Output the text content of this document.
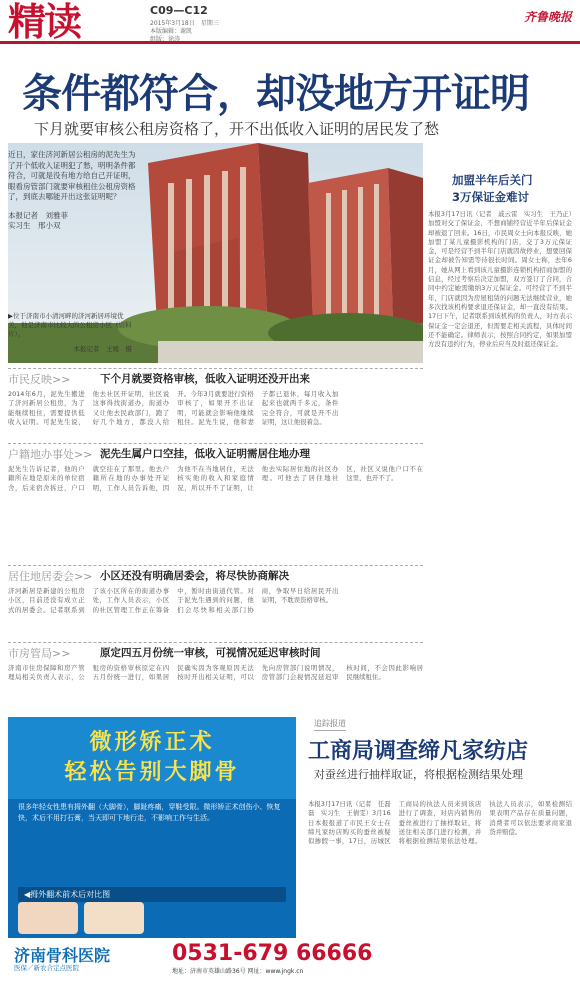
精读	C09—C12
2015年3月18日　星期三
本版编辑：谢凯
组版：徐涛
齐鲁晚报
条件都符合，却没地方开证明
下月就要审核公租房资格了，开不出低收入证明的居民发了愁

近日，家住济河新居公租房的泥先生为了开个低收入证明犯了愁，明明条件都符合，可就是没有地方给自己开证明，眼看房管部门就要审核租住公租房资格了，到底去哪能开出这张证明呢？

本报记者　刘雅菲
实习生　邢小双
▶位于济南市小清河畔的济河新居环境优美，他是济南市比较大的公租房小区（资料片）。
本报记者　王媛　摄
加盟半年后关门
3万保证金难讨
本报3月17日讯（记者　戚云雷　实习生　王乃正）加盟对交了保证金，不想商铺经营近半年后保证金却被退了回来。16日，市民周女士向本报反映，她加盟了某儿童摄影机构的门店，交了3万元保证金，可是经营不到半年门店就因故停业，想要回保证金却被告知需等待很长时间。周女士称，去年6月，她从网上看到该儿童摄影连锁机构招商加盟的信息，经过考察后决定加盟，双方签订了合同，合同中约定她需缴纳3万元保证金。可经营了不到半年，门店就因为房屋租赁的问题无法继续营业，她多次找该机构要求退还保证金，却一直没有结果。17日下午，记者联系到该机构的负责人，对方表示保证金一定会退还，但需要走相关流程，具体时间还不能确定。律师表示，按照合同约定，如果加盟方没有违约行为，停业后应当及时退还保证金。
市民反映>>	下个月就要资格审核，低收入证明还没开出来
2014年6月，泥先生搬进了济河新居公租房，为了能继续租住，需要提供低收入证明。可泥先生说，他去社区开证明，社区说这事得找街道办，街道办又让他去民政部门，跑了好几个地方，都没人给开。今年3月就要进行资格审核了，如果开不出证明，可能就会影响他继续租住。泥先生说，他和妻子都已退休，每月收入加起来也就两千多元，条件完全符合，可就是开不出证明，这让他很着急。
户籍地办事处>> 泥先生属户口空挂，低收入证明需居住地办理
泥先生告诉记者，他的户籍所在地是原来的单位宿舍，后来宿舍拆迁，户口就空挂在了那里。他去户籍所在地的办事处开证明，工作人员告诉他，因为他不在当地居住，无法核实他的收入和家庭情况，所以开不了证明，让他去实际居住地的社区办理。可他去了居住地社区，社区又说他户口不在这里，也开不了。
居住地居委会>> 小区还没有明确居委会，将尽快协商解决
济河新居是新建的公租房小区，目前还没有成立正式的居委会。记者联系到了该小区所在的街道办事处，工作人员表示，小区的社区管理工作正在筹备中，暂时由街道代管。对于泥先生遇到的问题，他们会尽快和相关部门协商，争取早日给居民开出证明，不耽误资格审核。
市房管局>>	原定四五月份统一审核，可视情况延迟审核时间
济南市住房保障和房产管理局相关负责人表示，公租房的资格审核原定在四五月份统一进行，如果居民确实因为客观原因无法按时开出相关证明，可以先向房管部门说明情况，房管部门会视情况延迟审核时间，不会因此影响居民继续租住。
微形矫正术
轻松告别大脚骨
很多年轻女性患有拇外翻（大脚骨），脚趾疼痛，穿鞋受限。微形矫正术创伤小、恢复快，术后不用打石膏，当天即可下地行走，不影响工作与生活。
◀拇外翻术前术后对比图
济南骨科医院
医保／新农合定点医院
0531-679 66666
地址：济南市英雄山路36号 网址：www.jngk.cn
追踪报道
工商局调查缔凡家纺店
对蚕丝进行抽样取证，将根据检测结果处理
本报3月17日讯（记者　任磊磊　实习生　王倩雯）3月16日本报报道了市民王女士在缔凡家纺店购买的蚕丝被疑似掺假一事，17日，历城区工商局的执法人员来到该店进行了调查，对店内销售的蚕丝被进行了抽样取证，将送往相关部门进行检测，并将根据检测结果依法处理。执法人员表示，如果检测结果表明产品存在质量问题，消费者可以依法要求商家退货并赔偿。
